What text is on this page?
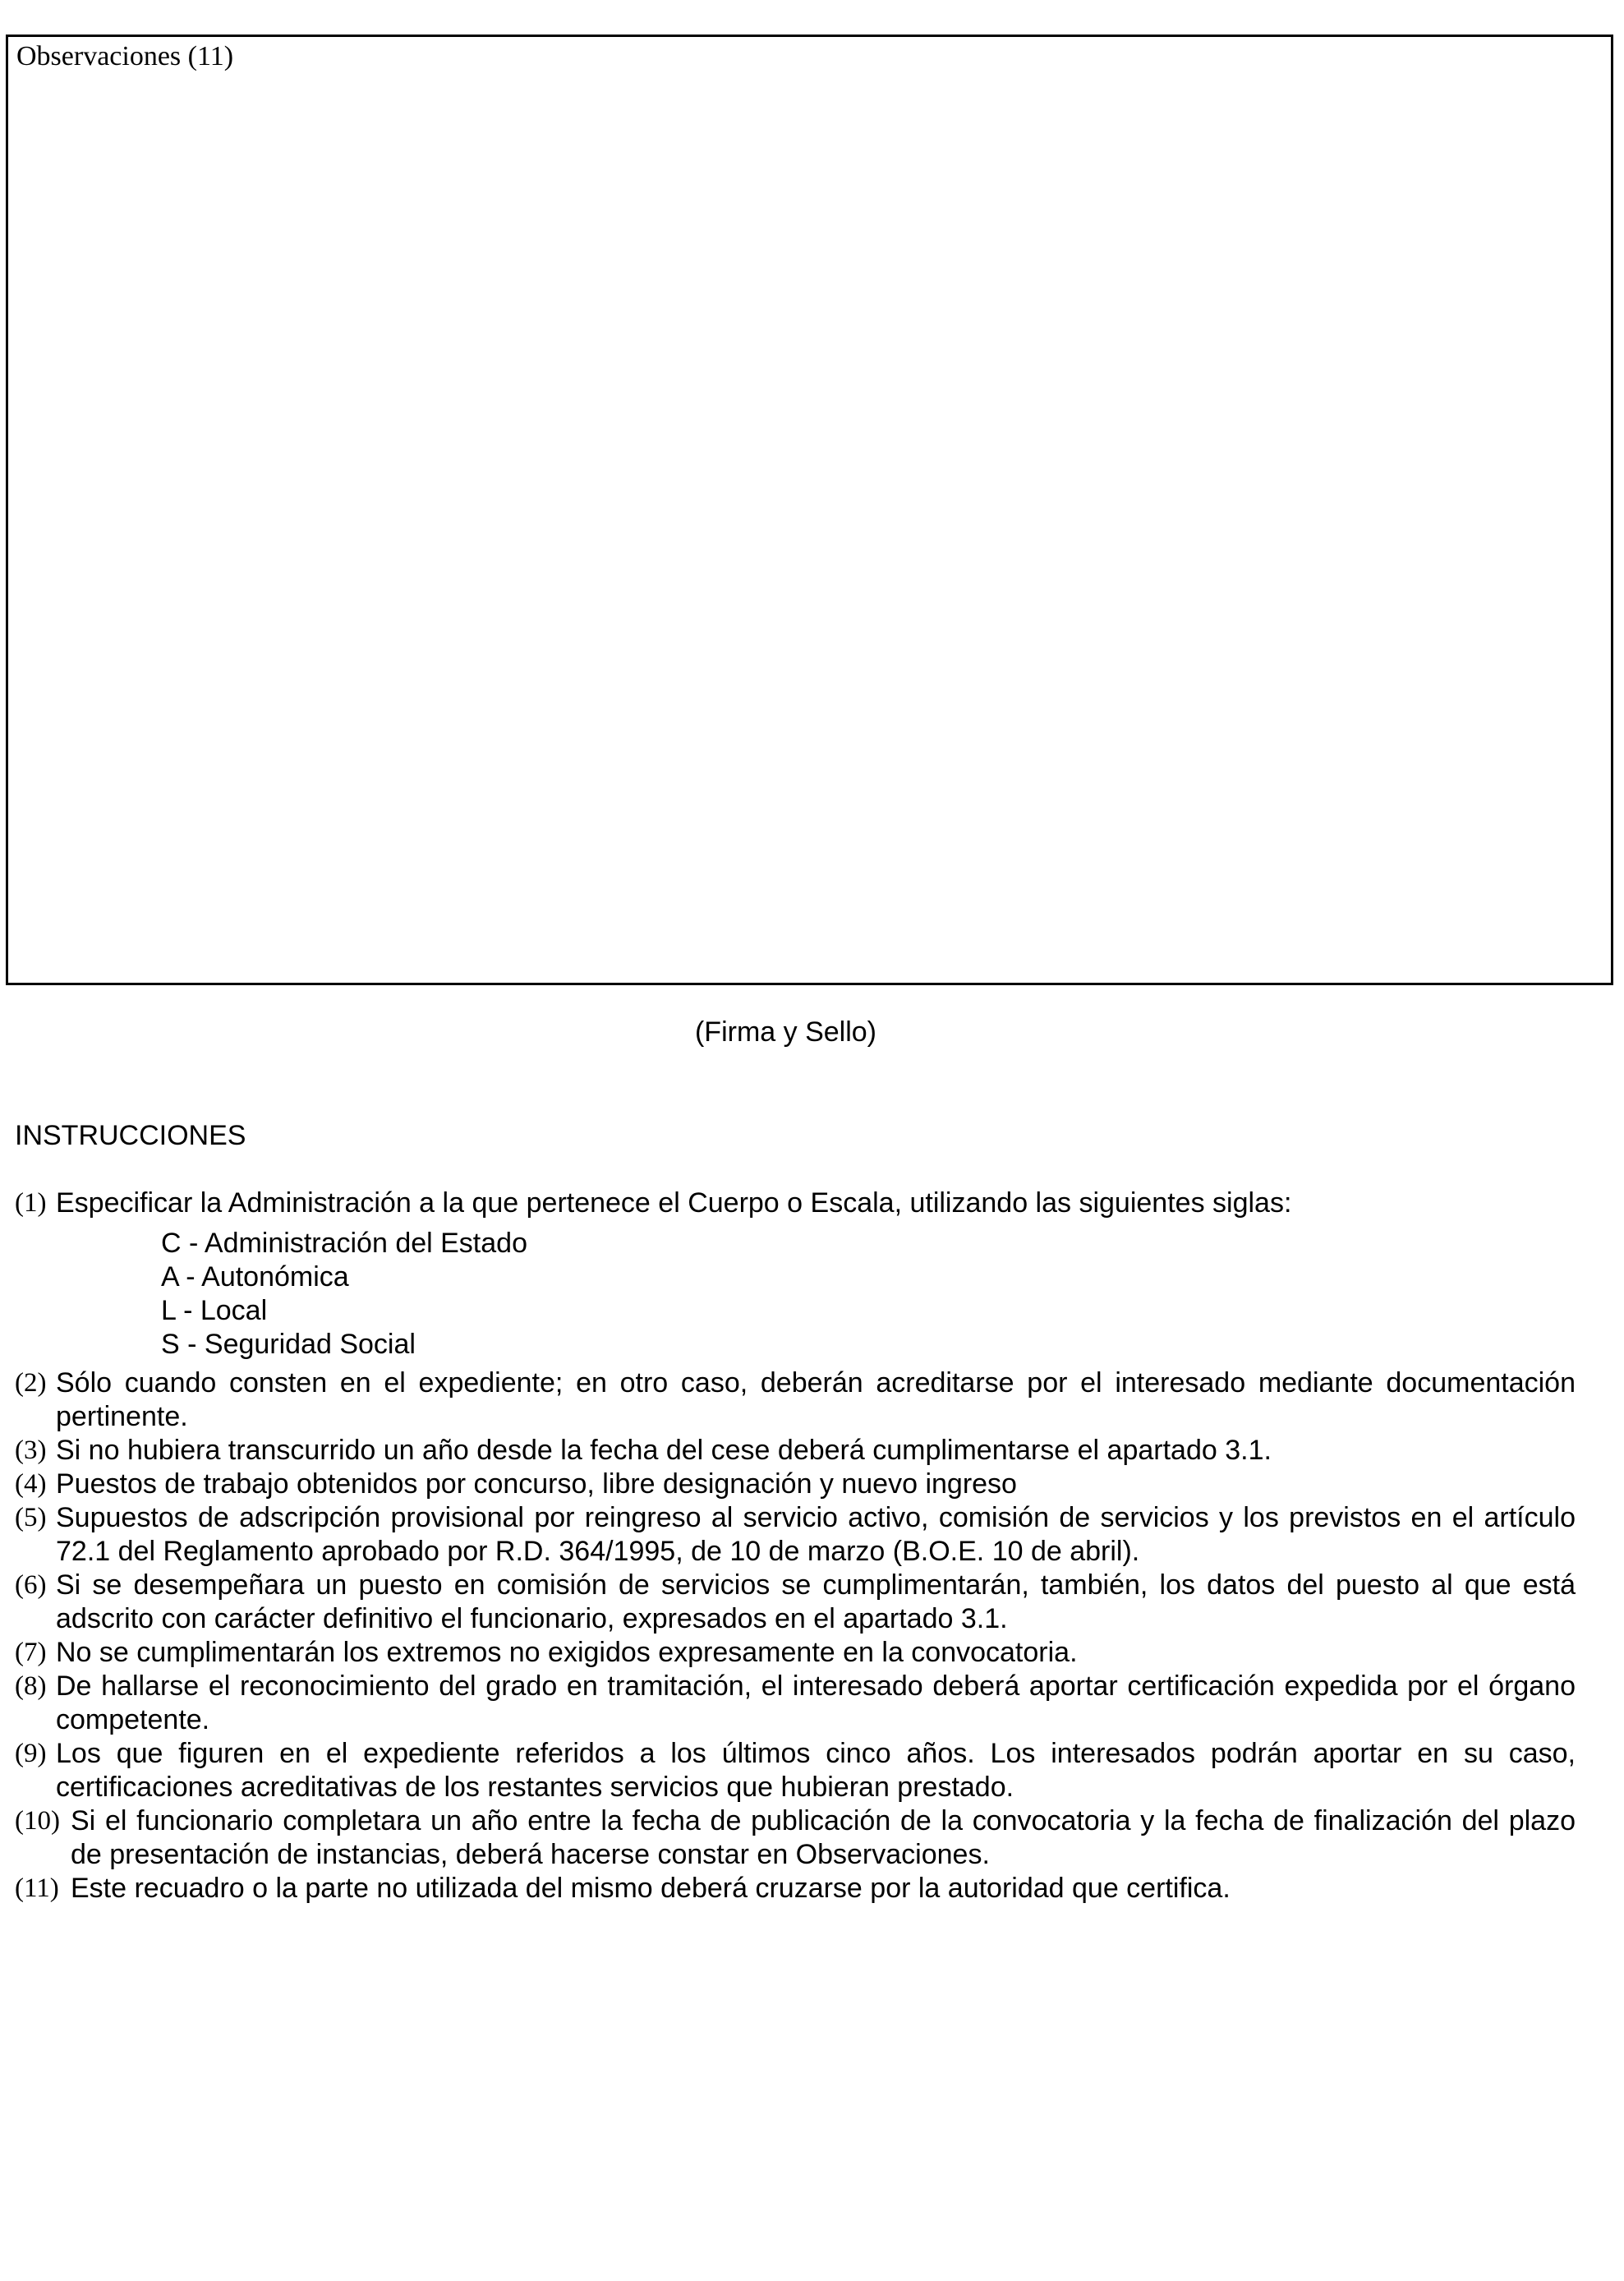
Observaciones (11)
(Firma y Sello)
INSTRUCCIONES
(1) Especificar la Administración a la que pertenece el Cuerpo o Escala, utilizando las siguientes siglas:
C - Administración del Estado
A - Autonómica
L - Local
S - Seguridad Social
(2) Sólo cuando consten en el expediente; en otro caso, deberán acreditarse por el interesado mediante documentación pertinente.
(3) Si no hubiera transcurrido un año desde la fecha del cese deberá cumplimentarse el apartado 3.1.
(4) Puestos de trabajo obtenidos por concurso, libre designación y nuevo ingreso
(5) Supuestos de adscripción provisional por reingreso al servicio activo, comisión de servicios y los previstos en el artículo 72.1 del Reglamento aprobado por R.D. 364/1995, de 10 de marzo (B.O.E. 10 de abril).
(6) Si se desempeñara un puesto en comisión de servicios se cumplimentarán, también, los datos del puesto al que está adscrito con carácter definitivo el funcionario, expresados en el apartado 3.1.
(7) No se cumplimentarán los extremos no exigidos expresamente en la convocatoria.
(8) De hallarse el reconocimiento del grado en tramitación, el interesado deberá aportar certificación expedida por el órgano competente.
(9) Los que figuren en el expediente referidos a los últimos cinco años. Los interesados podrán aportar en su caso, certificaciones acreditativas de los restantes servicios que hubieran prestado.
(10) Si el funcionario completara un año entre la fecha de publicación de la convocatoria y la fecha de finalización del plazo de presentación de instancias, deberá hacerse constar en Observaciones.
(11) Este recuadro o la parte no utilizada del mismo deberá cruzarse por la autoridad que certifica.
